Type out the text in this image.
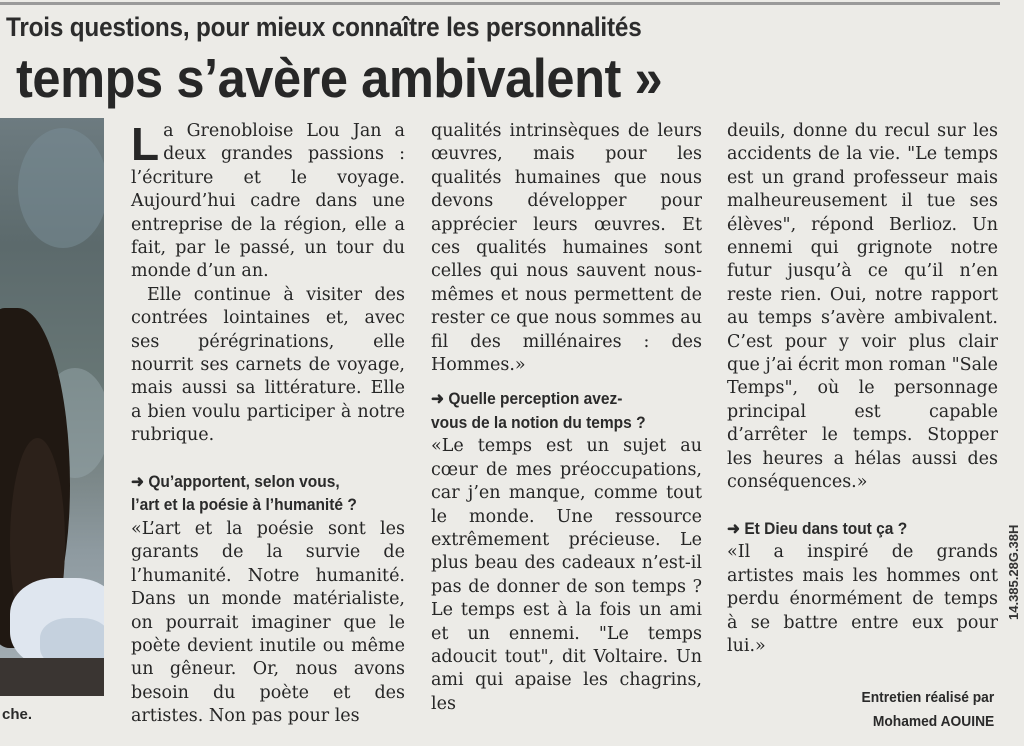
Trois questions, pour mieux connaître les personnalités
temps s’avère ambivalent »
che.

La Grenobloise Lou Jan a deux grandes passions : l’écriture et le voyage. Aujourd’hui cadre dans une entreprise de la région, elle a fait, par le passé, un tour du monde d’un an.

Elle continue à visiter des contrées lointaines et, avec ses pérégrinations, elle nourrit ses carnets de voyage, mais aussi sa littérature. Elle a bien voulu participer à notre rubrique.

➜ Qu’apportent, selon vous,

l’art et la poésie à l’humanité ?

«L’art et la poésie sont les garants de la survie de l’humanité. Notre humanité. Dans un monde matérialiste, on pourrait imaginer que le poète devient inutile ou même un gêneur. Or, nous avons besoin du poète et des artistes. Non pas pour les

qualités intrinsèques de leurs œuvres, mais pour les qualités humaines que nous devons développer pour apprécier leurs œuvres. Et ces qualités humaines sont celles qui nous sauvent nous-mêmes et nous permettent de rester ce que nous sommes au fil des millénaires : des Hommes.»

➜ Quelle perception avez-

vous de la notion du temps ?

«Le temps est un sujet au cœur de mes préoccupations, car j’en manque, comme tout le monde. Une ressource extrêmement précieuse. Le plus beau des cadeaux n’est-il pas de donner de son temps ? Le temps est à la fois un ami et un ennemi. "Le temps adoucit tout", dit Voltaire. Un ami qui apaise les chagrins, les

deuils, donne du recul sur les accidents de la vie. "Le temps est un grand professeur mais malheureusement il tue ses élèves", répond Berlioz. Un ennemi qui grignote notre futur jusqu’à ce qu’il n’en reste rien. Oui, notre rapport au temps s’avère ambivalent. C’est pour y voir plus clair que j’ai écrit mon roman "Sale Temps", où le personnage principal est capable d’arrêter le temps. Stopper les heures a hélas aussi des conséquences.»

➜ Et Dieu dans tout ça ?

«Il a inspiré de grands artistes mais les hommes ont perdu énormément de temps à se battre entre eux pour lui.»

Entretien réalisé par
Mohamed AOUINE
14.385.28G.38H
